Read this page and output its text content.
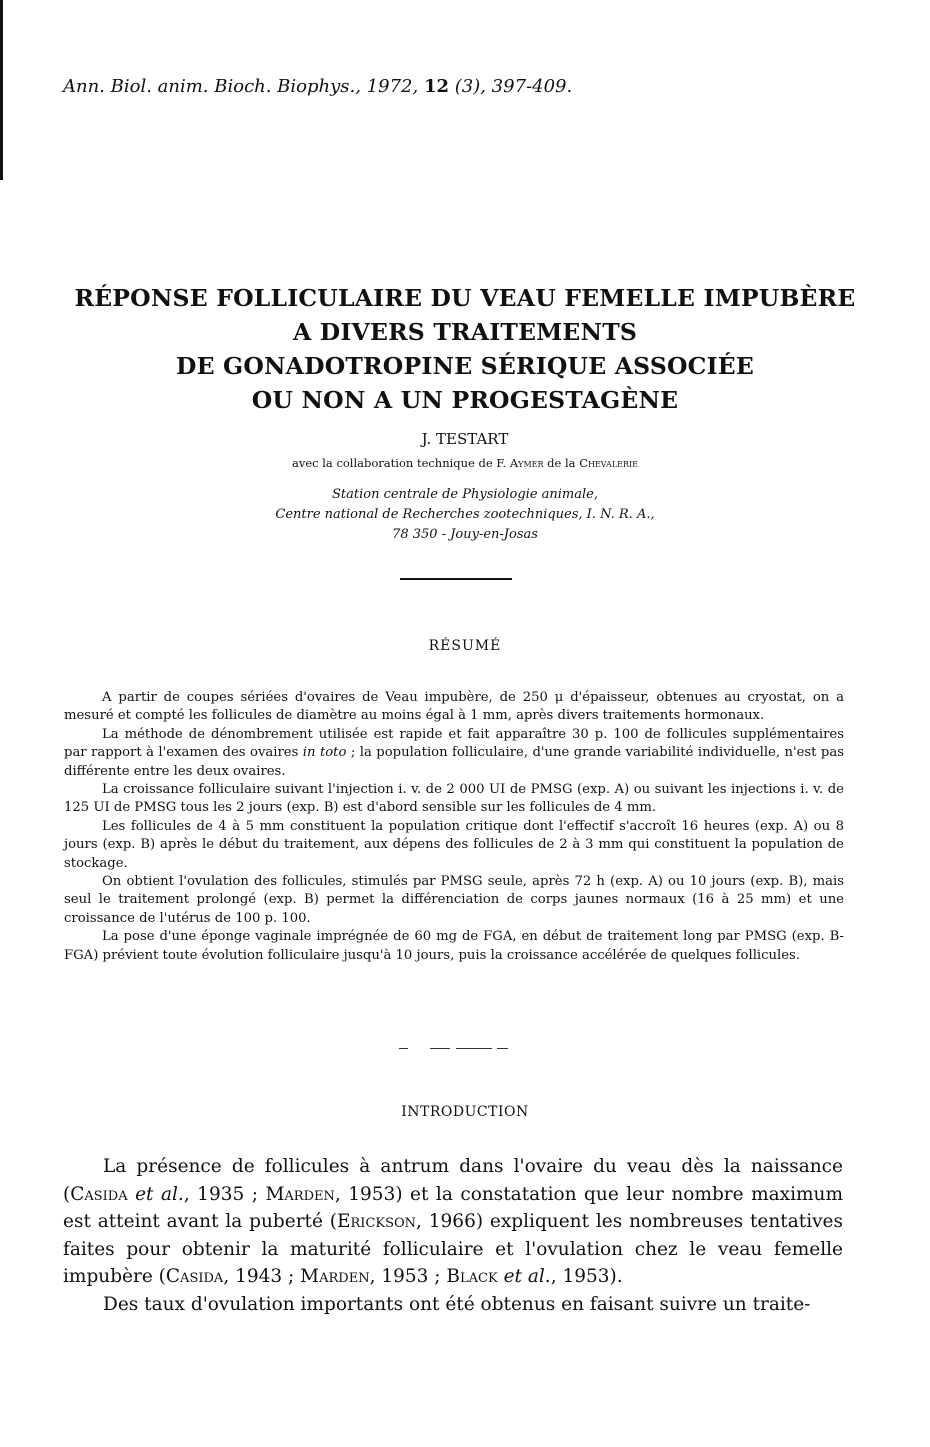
Ann. Biol. anim. Bioch. Biophys., 1972, 12 (3), 397-409.
RÉPONSE FOLLICULAIRE DU VEAU FEMELLE IMPUBÈRE
A DIVERS TRAITEMENTS
DE GONADOTROPINE SÉRIQUE ASSOCIÉE
OU NON A UN PROGESTAGÈNE
J. TESTART
avec la collaboration technique de F. Aymer de la Chevalerie
Station centrale de Physiologie animale,
Centre national de Recherches zootechniques, I. N. R. A.,
78 350 - Jouy-en-Josas
RÉSUMÉ

A partir de coupes sériées d'ovaires de Veau impubère, de 250 μ d'épaisseur, obtenues au cryostat, on a mesuré et compté les follicules de diamètre au moins égal à 1 mm, après divers traitements hormonaux.

La méthode de dénombrement utilisée est rapide et fait apparaître 30 p. 100 de follicules supplémentaires par rapport à l'examen des ovaires in toto ; la population folliculaire, d'une grande variabilité individuelle, n'est pas différente entre les deux ovaires.

La croissance folliculaire suivant l'injection i. v. de 2 000 UI de PMSG (exp. A) ou suivant les injections i. v. de 125 UI de PMSG tous les 2 jours (exp. B) est d'abord sensible sur les follicules de 4 mm.

Les follicules de 4 à 5 mm constituent la population critique dont l'effectif s'accroît 16 heures (exp. A) ou 8 jours (exp. B) après le début du traitement, aux dépens des follicules de 2 à 3 mm qui constituent la population de stockage.

On obtient l'ovulation des follicules, stimulés par PMSG seule, après 72 h (exp. A) ou 10 jours (exp. B), mais seul le traitement prolongé (exp. B) permet la différenciation de corps jaunes normaux (16 à 25 mm) et une croissance de l'utérus de 100 p. 100.

La pose d'une éponge vaginale imprégnée de 60 mg de FGA, en début de traitement long par PMSG (exp. B-FGA) prévient toute évolution folliculaire jusqu'à 10 jours, puis la croissance accélérée de quelques follicules.

INTRODUCTION

La présence de follicules à antrum dans l'ovaire du veau dès la naissance (Casida et al., 1935 ; Marden, 1953) et la constatation que leur nombre maximum est atteint avant la puberté (Erickson, 1966) expliquent les nombreuses tentatives faites pour obtenir la maturité folliculaire et l'ovulation chez le veau femelle impubère (Casida, 1943 ; Marden, 1953 ; Black et al., 1953).

Des taux d'ovulation importants ont été obtenus en faisant suivre un traite-
